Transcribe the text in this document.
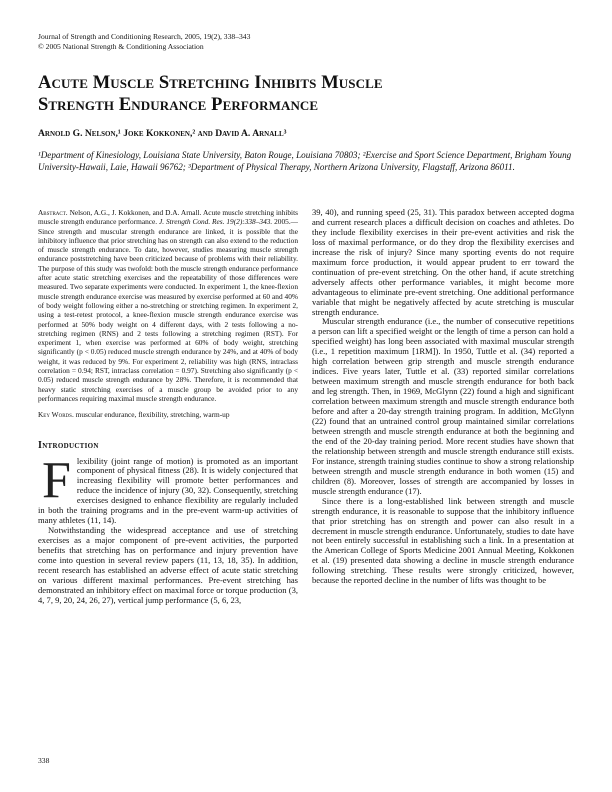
Journal of Strength and Conditioning Research, 2005, 19(2), 338–343
© 2005 National Strength & Conditioning Association
Acute Muscle Stretching Inhibits Muscle
Strength Endurance Performance
Arnold G. Nelson,¹ Joke Kokkonen,² and David A. Arnall³
¹Department of Kinesiology, Louisiana State University, Baton Rouge, Louisiana 70803; ²Exercise and Sport Science Department, Brigham Young University-Hawaii, Laie, Hawaii 96762; ³Department of Physical Therapy, Northern Arizona University, Flagstaff, Arizona 86011.

Abstract. Nelson, A.G., J. Kokkonen, and D.A. Arnall. Acute muscle stretching inhibits muscle strength endurance performance. J. Strength Cond. Res. 19(2):338–343. 2005.—Since strength and muscular strength endurance are linked, it is possible that the inhibitory influence that prior stretching has on strength can also extend to the reduction of muscle strength endurance. To date, however, studies measuring muscle strength endurance poststretching have been criticized because of problems with their reliability. The purpose of this study was twofold: both the muscle strength endurance performance after acute static stretching exercises and the repeatability of those differences were measured. Two separate experiments were conducted. In experiment 1, the knee-flexion muscle strength endurance exercise was measured by exercise performed at 60 and 40% of body weight following either a no-stretching or stretching regimen. In experiment 2, using a test-retest protocol, a knee-flexion muscle strength endurance exercise was performed at 50% body weight on 4 different days, with 2 tests following a no-stretching regimen (RNS) and 2 tests following a stretching regimen (RST). For experiment 1, when exercise was performed at 60% of body weight, stretching significantly (p < 0.05) reduced muscle strength endurance by 24%, and at 40% of body weight, it was reduced by 9%. For experiment 2, reliability was high (RNS, intraclass correlation = 0.94; RST, intraclass correlation = 0.97). Stretching also significantly (p < 0.05) reduced muscle strength endurance by 28%. Therefore, it is recommended that heavy static stretching exercises of a muscle group be avoided prior to any performances requiring maximal muscle strength endurance.

Key Words. muscular endurance, flexibility, stretching, warm-up
Introduction

Flexibility (joint range of motion) is promoted as an important component of physical fitness (28). It is widely conjectured that increasing flexibility will promote better performances and reduce the incidence of injury (30, 32). Consequently, stretching exercises designed to enhance flexibility are regularly included in both the training programs and in the pre-event warm-up activities of many athletes (11, 14).

Notwithstanding the widespread acceptance and use of stretching exercises as a major component of pre-event activities, the purported benefits that stretching has on performance and injury prevention have come into question in several review papers (11, 13, 18, 35). In addition, recent research has established an adverse effect of acute static stretching on various different maximal performances. Pre-event stretching has demonstrated an inhibitory effect on maximal force or torque production (3, 4, 7, 9, 20, 24, 26, 27), vertical jump performance (5, 6, 23,

39, 40), and running speed (25, 31). This paradox between accepted dogma and current research places a difficult decision on coaches and athletes. Do they include flexibility exercises in their pre-event activities and risk the loss of maximal performance, or do they drop the flexibility exercises and increase the risk of injury? Since many sporting events do not require maximum force production, it would appear prudent to err toward the continuation of pre-event stretching. On the other hand, if acute stretching adversely affects other performance variables, it might become more advantageous to eliminate pre-event stretching. One additional performance variable that might be negatively affected by acute stretching is muscular strength endurance.

Muscular strength endurance (i.e., the number of consecutive repetitions a person can lift a specified weight or the length of time a person can hold a specified weight) has long been associated with maximal muscular strength (i.e., 1 repetition maximum [1RM]). In 1950, Tuttle et al. (34) reported a high correlation between grip strength and muscle strength endurance indices. Five years later, Tuttle et al. (33) reported similar correlations between maximum strength and muscle strength endurance for both back and leg strength. Then, in 1969, McGlynn (22) found a high and significant correlation between maximum strength and muscle strength endurance both before and after a 20-day strength training program. In addition, McGlynn (22) found that an untrained control group maintained similar correlations between strength and muscle strength endurance at both the beginning and the end of the 20-day training period. More recent studies have shown that the relationship between strength and muscle strength endurance still exists. For instance, strength training studies continue to show a strong relationship between strength and muscle strength endurance in both women (15) and children (8). Moreover, losses of strength are accompanied by losses in muscle strength endurance (17).

Since there is a long-established link between strength and muscle strength endurance, it is reasonable to suppose that the inhibitory influence that prior stretching has on strength and power can also result in a decrement in muscle strength endurance. Unfortunately, studies to date have not been entirely successful in establishing such a link. In a presentation at the American College of Sports Medicine 2001 Annual Meeting, Kokkonen et al. (19) presented data showing a decline in muscle strength endurance following stretching. These results were strongly criticized, however, because the reported decline in the number of lifts was thought to be

338
